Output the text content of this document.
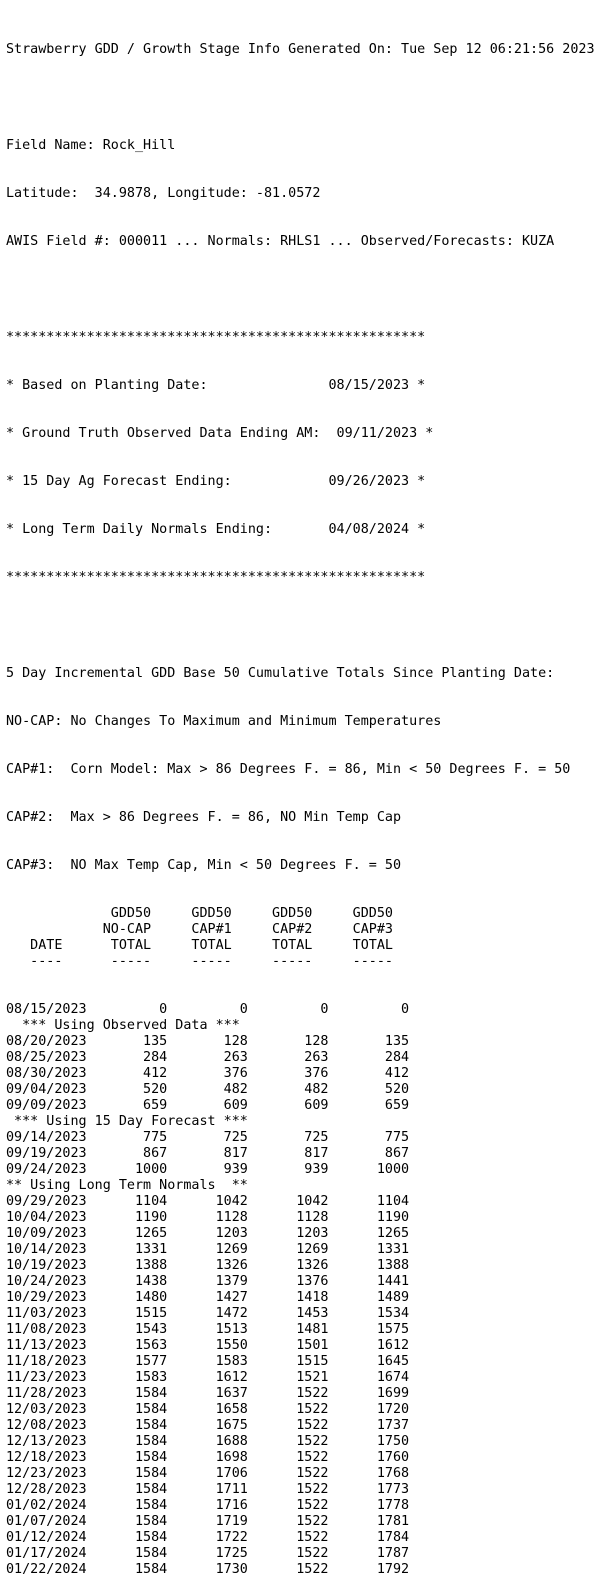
Strawberry GDD / Growth Stage Info Generated On: Tue Sep 12 06:21:56 2023

Field Name: Rock_Hill

Latitude:  34.9878, Longitude: -81.0572

AWIS Field #: 000011 ... Normals: RHLS1 ... Observed/Forecasts: KUZA

****************************************************

* Based on Planting Date:               08/15/2023 *

* Ground Truth Observed Data Ending AM:  09/11/2023 *

* 15 Day Ag Forecast Ending:            09/26/2023 *

* Long Term Daily Normals Ending:       04/08/2024 *

****************************************************

5 Day Incremental GDD Base 50 Cumulative Totals Since Planting Date:

NO-CAP: No Changes To Maximum and Minimum Temperatures

CAP#1:  Corn Model: Max > 86 Degrees F. = 86, Min < 50 Degrees F. = 50

CAP#2:  Max > 86 Degrees F. = 86, NO Min Temp Cap

CAP#3:  NO Max Temp Cap, Min < 50 Degrees F. = 50

GDD50     GDD50     GDD50     GDD50
NO-CAP     CAP#1     CAP#2     CAP#3
DATE      TOTAL     TOTAL     TOTAL     TOTAL
----      -----     -----     -----     -----

08/15/2023         0         0         0         0
*** Using Observed Data ***
08/20/2023       135       128       128       135
08/25/2023       284       263       263       284
08/30/2023       412       376       376       412
09/04/2023       520       482       482       520
09/09/2023       659       609       609       659
*** Using 15 Day Forecast ***
09/14/2023       775       725       725       775
09/19/2023       867       817       817       867
09/24/2023      1000       939       939      1000
** Using Long Term Normals  **
09/29/2023      1104      1042      1042      1104
10/04/2023      1190      1128      1128      1190
10/09/2023      1265      1203      1203      1265
10/14/2023      1331      1269      1269      1331
10/19/2023      1388      1326      1326      1388
10/24/2023      1438      1379      1376      1441
10/29/2023      1480      1427      1418      1489
11/03/2023      1515      1472      1453      1534
11/08/2023      1543      1513      1481      1575
11/13/2023      1563      1550      1501      1612
11/18/2023      1577      1583      1515      1645
11/23/2023      1583      1612      1521      1674
11/28/2023      1584      1637      1522      1699
12/03/2023      1584      1658      1522      1720
12/08/2023      1584      1675      1522      1737
12/13/2023      1584      1688      1522      1750
12/18/2023      1584      1698      1522      1760
12/23/2023      1584      1706      1522      1768
12/28/2023      1584      1711      1522      1773
01/02/2024      1584      1716      1522      1778
01/07/2024      1584      1719      1522      1781
01/12/2024      1584      1722      1522      1784
01/17/2024      1584      1725      1522      1787
01/22/2024      1584      1730      1522      1792
